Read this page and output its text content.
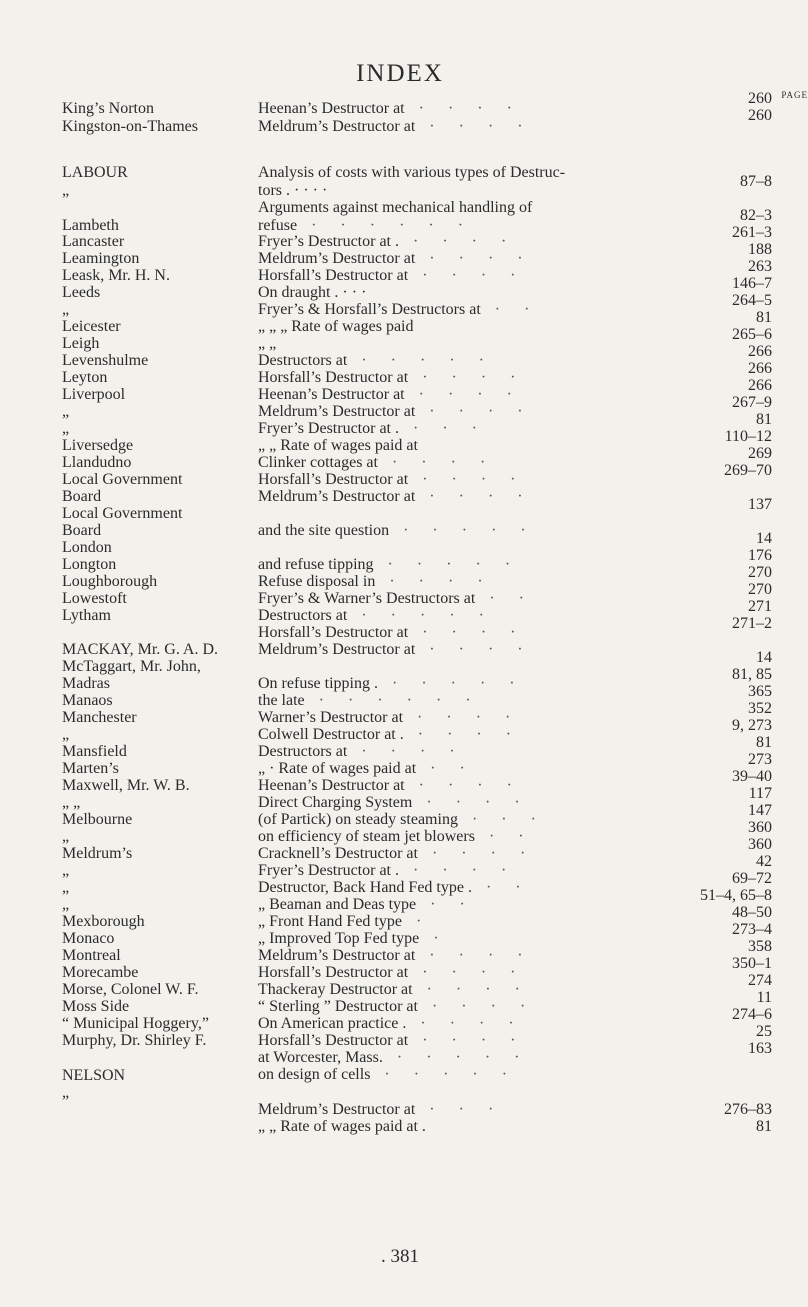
INDEX
PAGE
King’s Norton
Kingston-on-Thames
LABOUR
„
Lambeth
Lancaster
Leamington
Leask, Mr. H. N.
Leeds
„
Leicester
Leigh
Levenshulme
Leyton
Liverpool
„
„
Liversedge
Llandudno
Local Government
Board
Local Government
Board
London
Longton
Loughborough
Lowestoft
Lytham
MACKAY, Mr. G. A. D.
McTaggart, Mr. John,
Madras
Manaos
Manchester
„
Mansfield
Marten’s
Maxwell, Mr. W. B.
„ „
Melbourne
„
Meldrum’s
„
„
„
Mexborough
Monaco
Montreal
Morecambe
Morse, Colonel W. F.
Moss Side
“ Municipal Hoggery,”
Murphy, Dr. Shirley F.
NELSON
„
Heenan’s Destructor at
Meldrum’s Destructor at
Analysis of costs with various types of Destruc-
tors . · · · ·
Arguments against mechanical handling of
refuse
Fryer’s Destructor at .
Meldrum’s Destructor at
Horsfall’s Destructor at
On draught . · · ·
Fryer’s & Horsfall’s Destructors at
„ „ „ Rate of wages paid
„ „
Destructors at
Horsfall’s Destructor at
Heenan’s Destructor at
Meldrum’s Destructor at
Fryer’s Destructor at .
„ „ Rate of wages paid at
Clinker cottages at
Horsfall’s Destructor at
Meldrum’s Destructor at
and the site question
and refuse tipping
Refuse disposal in
Fryer’s & Warner’s Destructors at
Destructors at
Horsfall’s Destructor at
Meldrum’s Destructor at
On refuse tipping .
the late
Warner’s Destructor at
Colwell Destructor at .
Destructors at
„ · Rate of wages paid at
Heenan’s Destructor at
Direct Charging System
(of Partick) on steady steaming
on efficiency of steam jet blowers
Cracknell’s Destructor at
Fryer’s Destructor at .
Destructor, Back Hand Fed type .
„ Beaman and Deas type
„ Front Hand Fed type
„ Improved Top Fed type
Meldrum’s Destructor at
Horsfall’s Destructor at
Thackeray Destructor at
“ Sterling ” Destructor at
On American practice .
Horsfall’s Destructor at
at Worcester, Mass.
on design of cells
Meldrum’s Destructor at
„ „ Rate of wages paid at .
· · · ·
· · · ·
· · · · · ·
· · · ·
· · · ·
· · · ·
· ·
· · · · ·
· · · ·
· · · ·
· · · ·
· · ·
· · · ·
· · · ·
· · · ·
· · · · ·
· · · · ·
· · · ·
· ·
· · · · ·
· · · ·
· · · ·
· · · · ·
· · · · · ·
· · · ·
· · · ·
· · · ·
· ·
· · · ·
· · · ·
· · ·
· ·
· · · ·
· · · ·
· ·
· ·
·
·
· · · ·
· · · ·
· · · ·
· · · ·
· · · ·
· · · ·
· · · · ·
· · · · ·
· · ·
260
260
87–8
82–3
261–3
188
263
146–7
264–5
81
265–6
266
266
266
267–9
81
110–12
269
269–70
137
14
176
270
270
271
271–2
14
81, 85
365
352
9, 273
81
273
39–40
117
147
360
360
42
69–72
51–4, 65–8
48–50
273–4
358
350–1
274
11
274–6
25
163
276–83
81
. 381
